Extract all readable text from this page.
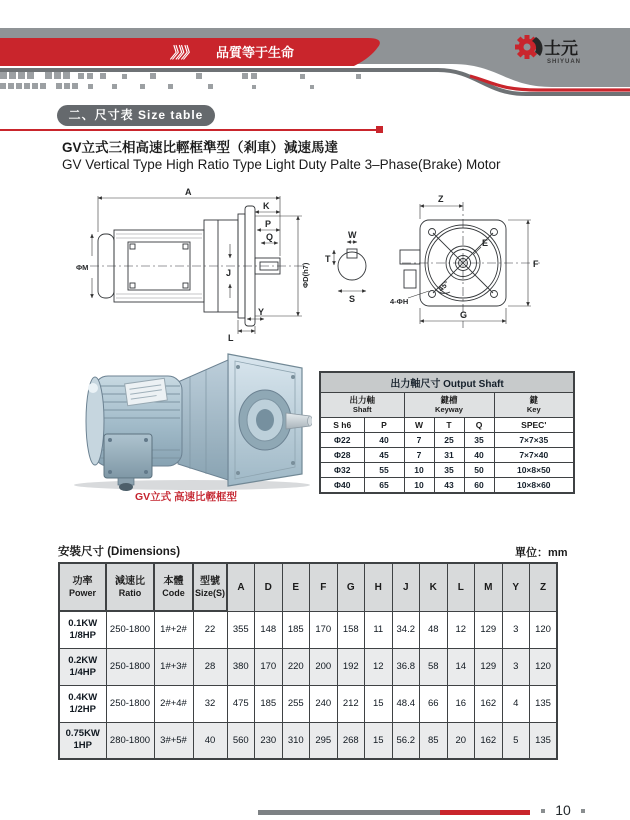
》》》 品質等于生命	士元
SHIYUAN
二、尺寸表 Size table
GV立式三相高速比輕框準型（剎車）減速馬達
GV Vertical Type High Ratio Type Light Duty Palte 3–Phase(Brake) Motor
A
K
P
Q
ΦM
J	ΦD(h7)
Y
L
W
T
S
Z
E
F
G
45°
4-ΦH
GV立式 高速比輕框型
出力軸尺寸 Output Shaft					

出力軸
Shaft		鍵槽
Keyway			鍵
Key

S h6	P	W	T	Q	SPEC'
Φ22	40	7	25	35	7×7×35
Φ28	45	7	31	40	7×7×40
Φ32	55	10	35	50	10×8×50
Φ40	65	10	43	60	10×8×60
安裝尺寸 (Dimensions)	單位：mm
功率
Power	減速比
Ratio	本體
Code	型號
Size(S)	A	D	E	F	G	H	J	K	L	M	Y	Z

0.1KW
1/8HP	250-1800	1#+2#	22	355	148	185	170	158	11	34.2	48	12	129	3	120

0.2KW
1/4HP	250-1800	1#+3#	28	380	170	220	200	192	12	36.8	58	14	129	3	120

0.4KW
1/2HP	250-1800	2#+4#	32	475	185	255	240	212	15	48.4	66	16	162	4	135

0.75KW
1HP	280-1800	3#+5#	40	560	230	310	295	268	15	56.2	85	20	162	5	135
10
